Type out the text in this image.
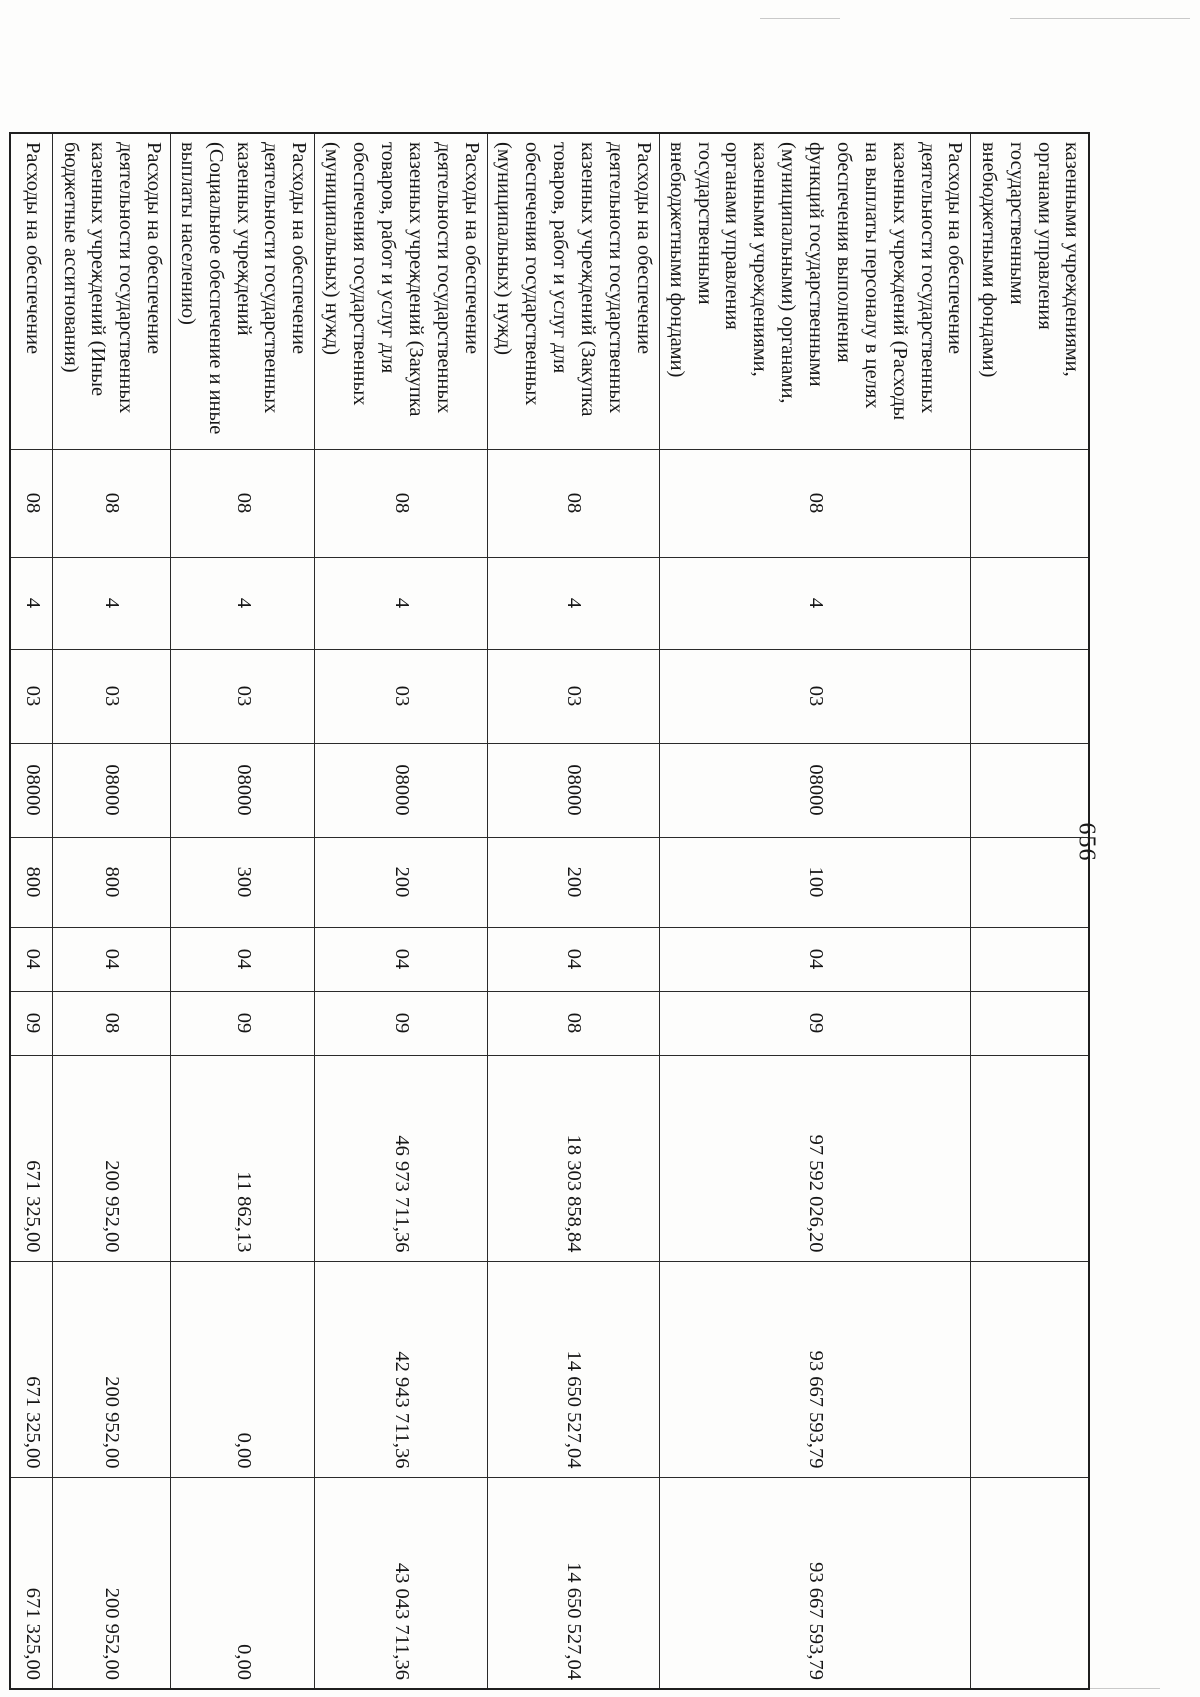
656
казенными учреждениями, органами управления государственными внебюджетными фондами)										
Расходы на обеспечение деятельности государственных казенных учреждений (Расходы на выплаты персоналу в целях обеспечения выполнения функций государственными (муниципальными) органами, казенными учреждениями, органами управления государственными внебюджетными фондами)	08	4	03	08000	100	04	09	97 592 026,20	93 667 593,79	93 667 593,79
Расходы на обеспечение деятельности государственных казенных учреждений (Закупка товаров, работ и услуг для обеспечения государственных (муниципальных) нужд)	08	4	03	08000	200	04	08	18 303 858,84	14 650 527,04	14 650 527,04
Расходы на обеспечение деятельности государственных казенных учреждений (Закупка товаров, работ и услуг для обеспечения государственных (муниципальных) нужд)	08	4	03	08000	200	04	09	46 973 711,36	42 943 711,36	43 043 711,36
Расходы на обеспечение деятельности государственных казенных учреждений (Социальное обеспечение и иные выплаты населению)	08	4	03	08000	300	04	09	11 862,13	0,00	0,00
Расходы на обеспечение деятельности государственных казенных учреждений (Иные бюджетные ассигнования)	08	4	03	08000	800	04	08	200 952,00	200 952,00	200 952,00
Расходы на обеспечение	08	4	03	08000	800	04	09	671 325,00	671 325,00	671 325,00
